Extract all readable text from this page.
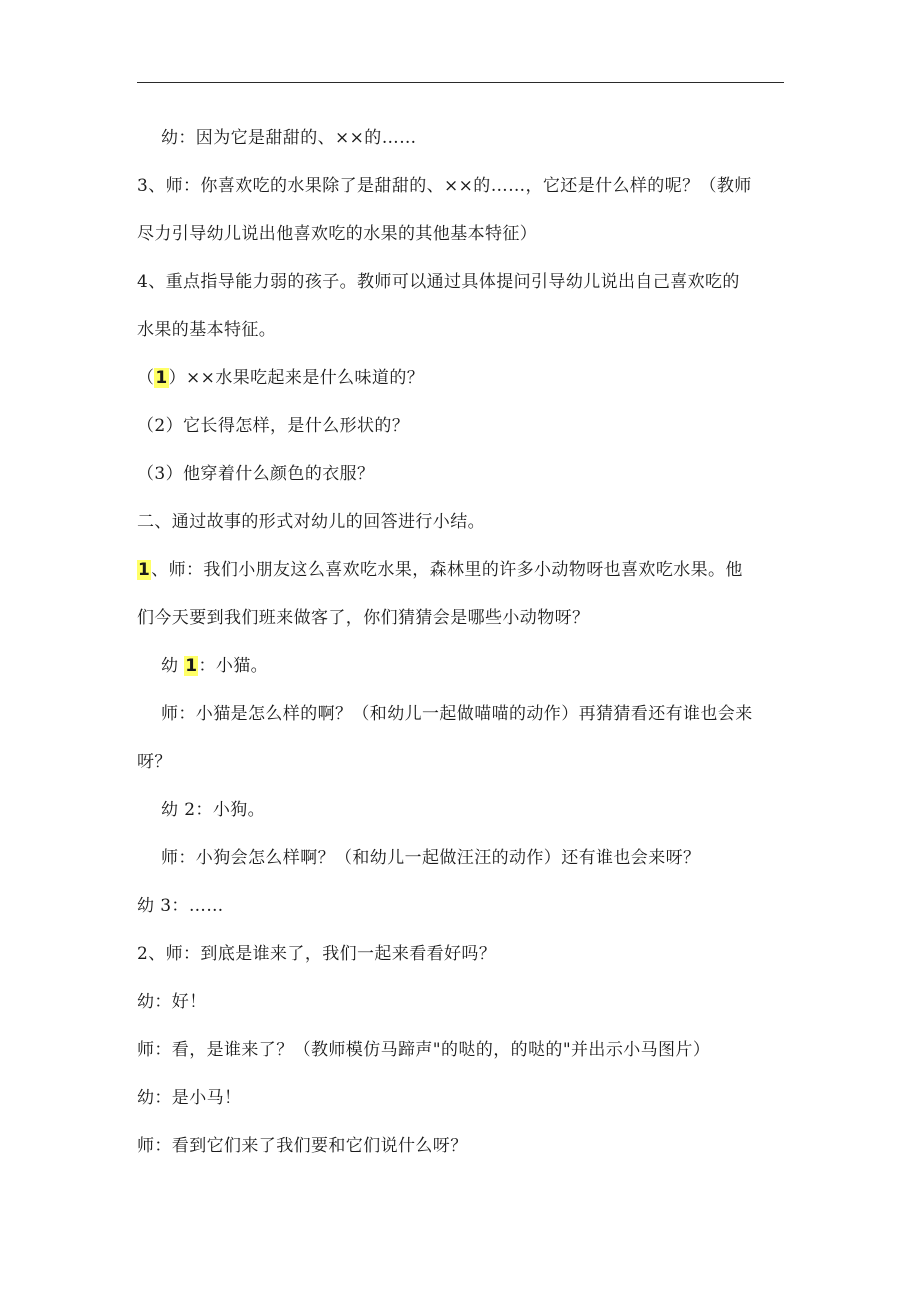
幼：因为它是甜甜的、××的……
3、师：你喜欢吃的水果除了是甜甜的、××的……，它还是什么样的呢？（教师
尽力引导幼儿说出他喜欢吃的水果的其他基本特征）
4、重点指导能力弱的孩子。教师可以通过具体提问引导幼儿说出自己喜欢吃的
水果的基本特征。
（1）××水果吃起来是什么味道的？
（2）它长得怎样，是什么形状的？
（3）他穿着什么颜色的衣服？
二、通过故事的形式对幼儿的回答进行小结。
1、师：我们小朋友这么喜欢吃水果，森林里的许多小动物呀也喜欢吃水果。他
们今天要到我们班来做客了，你们猜猜会是哪些小动物呀？
幼 1：小猫。
师：小猫是怎么样的啊？（和幼儿一起做喵喵的动作）再猜猜看还有谁也会来
呀？
幼 2：小狗。
师：小狗会怎么样啊？（和幼儿一起做汪汪的动作）还有谁也会来呀？
幼 3：……
2、师：到底是谁来了，我们一起来看看好吗？
幼：好！
师：看，是谁来了？（教师模仿马蹄声"的哒的，的哒的"并出示小马图片）
幼：是小马！
师：看到它们来了我们要和它们说什么呀？
